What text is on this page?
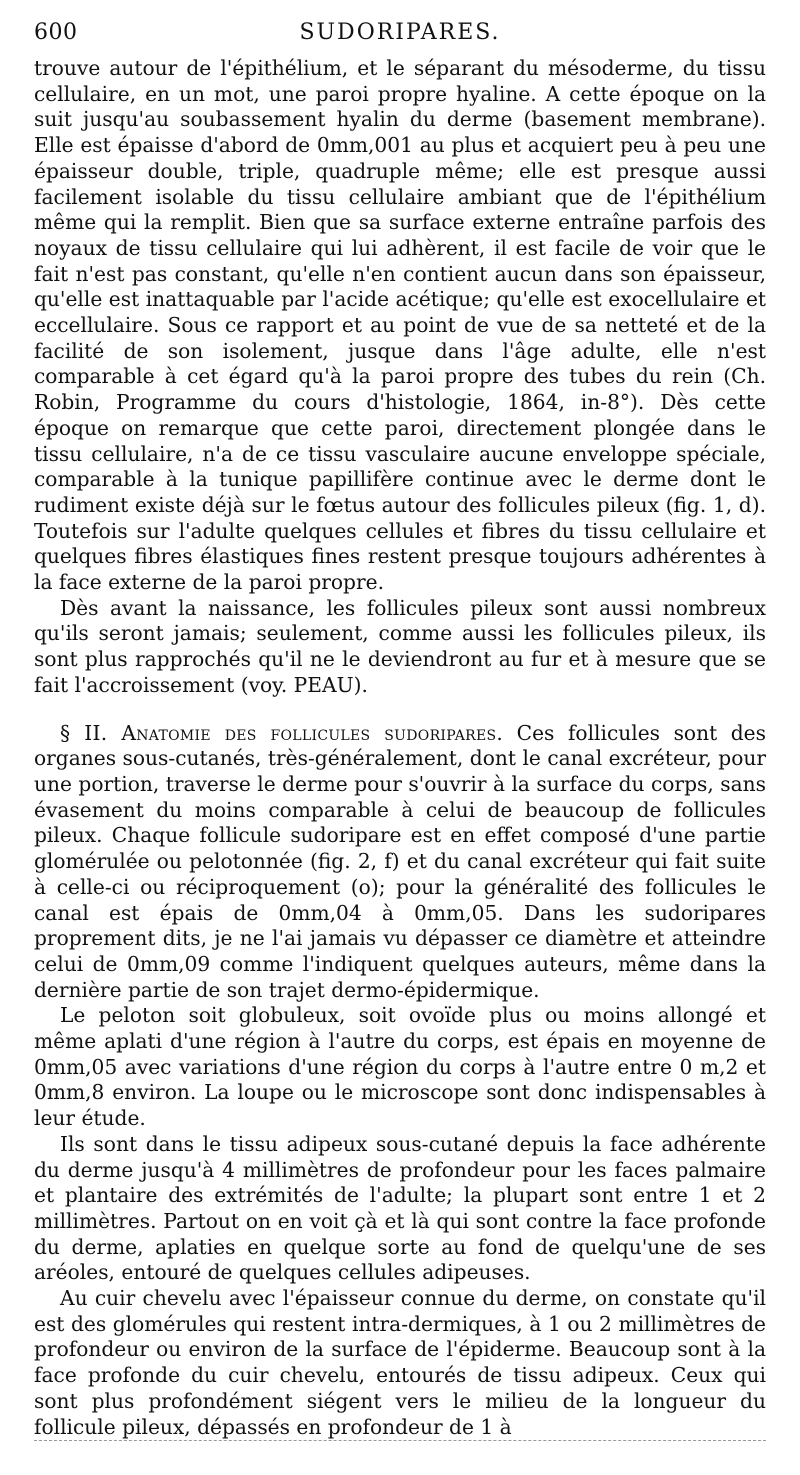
600	SUDORIPARES.

trouve autour de l'épithélium, et le séparant du mésoderme, du tissu cellulaire, en un mot, une paroi propre hyaline. A cette époque on la suit jusqu'au soubassement hyalin du derme (basement membrane). Elle est épaisse d'abord de 0mm,001 au plus et acquiert peu à peu une épaisseur double, triple, quadruple même; elle est presque aussi facilement isolable du tissu cellulaire ambiant que de l'épithélium même qui la remplit. Bien que sa surface externe entraîne parfois des noyaux de tissu cellulaire qui lui adhèrent, il est facile de voir que le fait n'est pas constant, qu'elle n'en contient aucun dans son épaisseur, qu'elle est inattaquable par l'acide acétique; qu'elle est exocellulaire et eccellulaire. Sous ce rapport et au point de vue de sa netteté et de la facilité de son isolement, jusque dans l'âge adulte, elle n'est comparable à cet égard qu'à la paroi propre des tubes du rein (Ch. Robin, Programme du cours d'histologie, 1864, in-8°). Dès cette époque on remarque que cette paroi, directement plongée dans le tissu cellulaire, n'a de ce tissu vasculaire aucune enveloppe spéciale, comparable à la tunique papillifère continue avec le derme dont le rudiment existe déjà sur le fœtus autour des follicules pileux (fig. 1, d). Toutefois sur l'adulte quelques cellules et fibres du tissu cellulaire et quelques fibres élastiques fines restent presque toujours adhérentes à la face externe de la paroi propre.

Dès avant la naissance, les follicules pileux sont aussi nombreux qu'ils seront jamais; seulement, comme aussi les follicules pileux, ils sont plus rapprochés qu'il ne le deviendront au fur et à mesure que se fait l'accroissement (voy. PEAU).

§ II. Anatomie des follicules sudoripares. Ces follicules sont des organes sous-cutanés, très-généralement, dont le canal excréteur, pour une portion, traverse le derme pour s'ouvrir à la surface du corps, sans évasement du moins comparable à celui de beaucoup de follicules pileux. Chaque follicule sudoripare est en effet composé d'une partie glomérulée ou pelotonnée (fig. 2, f) et du canal excréteur qui fait suite à celle-ci ou réciproquement (o); pour la généralité des follicules le canal est épais de 0mm,04 à 0mm,05. Dans les sudoripares proprement dits, je ne l'ai jamais vu dépasser ce diamètre et atteindre celui de 0mm,09 comme l'indiquent quelques auteurs, même dans la dernière partie de son trajet dermo-épidermique.

Le peloton soit globuleux, soit ovoïde plus ou moins allongé et même aplati d'une région à l'autre du corps, est épais en moyenne de 0mm,05 avec variations d'une région du corps à l'autre entre 0 m,2 et 0mm,8 environ. La loupe ou le microscope sont donc indispensables à leur étude.

Ils sont dans le tissu adipeux sous-cutané depuis la face adhérente du derme jusqu'à 4 millimètres de profondeur pour les faces palmaire et plantaire des extrémités de l'adulte; la plupart sont entre 1 et 2 millimètres. Partout on en voit çà et là qui sont contre la face profonde du derme, aplaties en quelque sorte au fond de quelqu'une de ses aréoles, entouré de quelques cellules adipeuses.

Au cuir chevelu avec l'épaisseur connue du derme, on constate qu'il est des glomérules qui restent intra-dermiques, à 1 ou 2 millimètres de profondeur ou environ de la surface de l'épiderme. Beaucoup sont à la face profonde du cuir chevelu, entourés de tissu adipeux. Ceux qui sont plus profondément siégent vers le milieu de la longueur du follicule pileux, dépassés en profondeur de 1 à
